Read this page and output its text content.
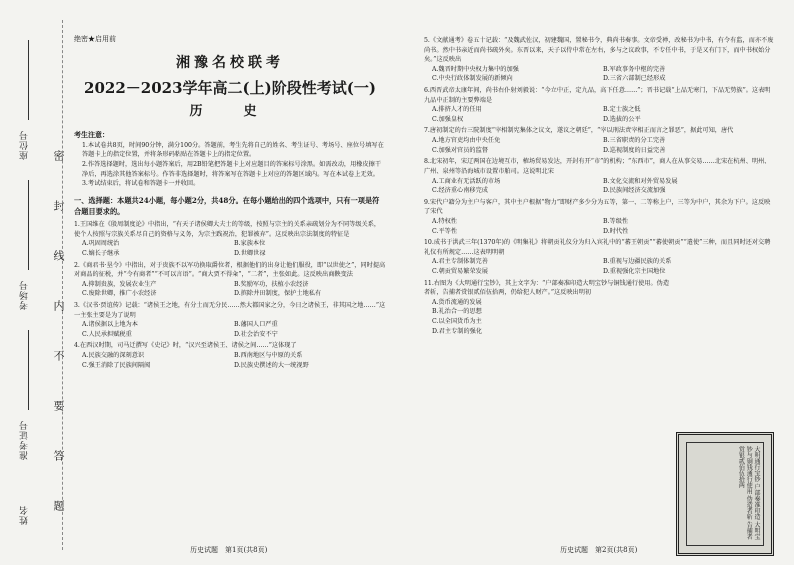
座位号
考场号
准考证号
姓名
密
封
线
内
不
要
答
题
绝密★启用前
湘豫名校联考
2022－2023学年高二(上)阶段性考试(一)
历　史
考生注意：
1.本试卷共8页，时间90分钟，满分100分。答题前，考生先将自己的姓名、考生证号、考场号、座位号填写在答题卡上的指定位置，并将条形码粘贴在答题卡上的指定位置。
2.作答选择题时，选出每小题答案后，用2B铅笔把答题卡上对应题目的答案标号涂黑。如需改动，用橡皮擦干净后，再选涂其他答案标号。作答非选择题时，将答案写在答题卡上对应的答题区域内。写在本试卷上无效。
3.考试结束后，将试卷和答题卡一并收回。
一、选择题：本题共24小题，每小题2分，共48分。在每小题给出的四个选项中，只有一项是符合题目要求的。
1.王国维在《殷周制度论》中指出，“有天子诸侯卿大夫士的等级，按照与宗主的关系亲疏划分为不同等级关系，使个人按照与宗族关系尽自己的资格与义务，为宗主践祝治，犯罪被弃”。这反映出宗法制度的特征是
A.巩固周统治	B.家族本位
C.嫡长子继承	D.世卿世禄
2.《商君书·垦令》中指出，对于贵族不以军功换取爵位者，根据他们的出身让他们服役，即“以世使之”，同时提高对商品的征税，并“令有商者”“不可以言语”。“商大贾不得籴”，“二者”，主张如此。这反映出商鞅变法
A.抑制贵族，发展农业生产	B.奖励军功，扶植小农经济
C.废除世卿，推广小农经济	D.摈除井田制度，保护土地私有
3.《汉书·贾谊传》记载：“诸侯王之地，有分土而无分民……然大都国家之分，今日之诸侯王，非其国之地……”这一主张主要是为了说明
A.诸侯据以上地为本	B.藩国人口严重
C.人民承担赋税重	D.社会治安不宁
4.在西汉时期，司马迁撰写《史记》时，“汉兴至诸侯王、诸侯之间……”这体现了
A.民族交融的深刻意识	B.西南地区与中原的关系
C.强王消除了民族间隔阂	D.民族史撰述的大一统视野
历史试题　第1页(共8页)
5.《文献通考》卷五十记载：“及魏武佐汉，初建魏国，置秘书令，典尚书奏事。文帝受禅，改秘书为中书，有令有监，而亦不废尚书。然中书亲近而尚书疏外矣。东晋以来，天子以侍中常在左右，多与之议政事，不专任中书，于是又有门下，而中书权始分矣。”这反映出
A.魏晋时期中央权力集中的加强	B.军政事务中枢的完善
C.中央行政体制发展的新倾向	D.三省六部制已经形成
6.西晋武帝太康年间，尚书右仆射刘毅说：“今立中正，定九品，高下任意……”；晋书记载“上品无寒门，下品无势族”。这表明九品中正制的主要弊端是
A.排挤人才的任用	B.定士族之低
C.加强皇权	D.选拔的公平
7.唐初制定的台三院制度“宰相制宪集体之议文，遂议之朝廷”，“宰以刑法责宰相正而言之罪恶”，据此可知，唐代
A.地方官吏均由中央任免	B.三省职责的分工完善
C.加强对官员的监督	D.巡视制度的日益完善
8.北宋初年，宋辽两国在边境互市，榷场贸易发达，开封有开“市”的机构；“东西市”，商人在从事交易……北宋在杭州、明州、广州、泉州等沿海城市设置市舶司。这说明北宋
A.工商业有无活跃的市场	B.文化交流和对外贸易发展
C.经济重心南移完成	D.民族间经济交流加强
9.宋代户籍分为主户与客户，其中主户根据“物力”即财产多少分为五等，第一、二等称上户，三等为中户，其余为下户。这反映了宋代
A.特权性	B.等级性
C.平等性	D.时代性
10.成书于洪武三年(1370年)的《明集礼》将朝贡礼仪分为归入宾礼中的“蕃王朝贡”“蕃使朝贡”“遣使”三种，而且同时还对交聘礼仪有所规定……这表明明朝
A.君主专制体制完善	B.重视与边疆民族的关系
C.朝贡贸易繁荣发展	D.重视强化宗主国地位
11.右图为《大明通行宝钞》，其上文字为：“户部奏准印造大明宝钞与铜钱通行使用。伪造者斩，告捕者赏银贰佰伍拾两，仍给犯人财产。”这反映出明初
A.货币流通的发展
B.礼治合一的思想
C.以全国货币为主
D.君主专制的强化
大明通行宝钞 户部奏准印造 大明宝钞与铜钱通行使用 伪造者斩 告捕者赏银贰佰伍拾两
历史试题　第2页(共8页)
